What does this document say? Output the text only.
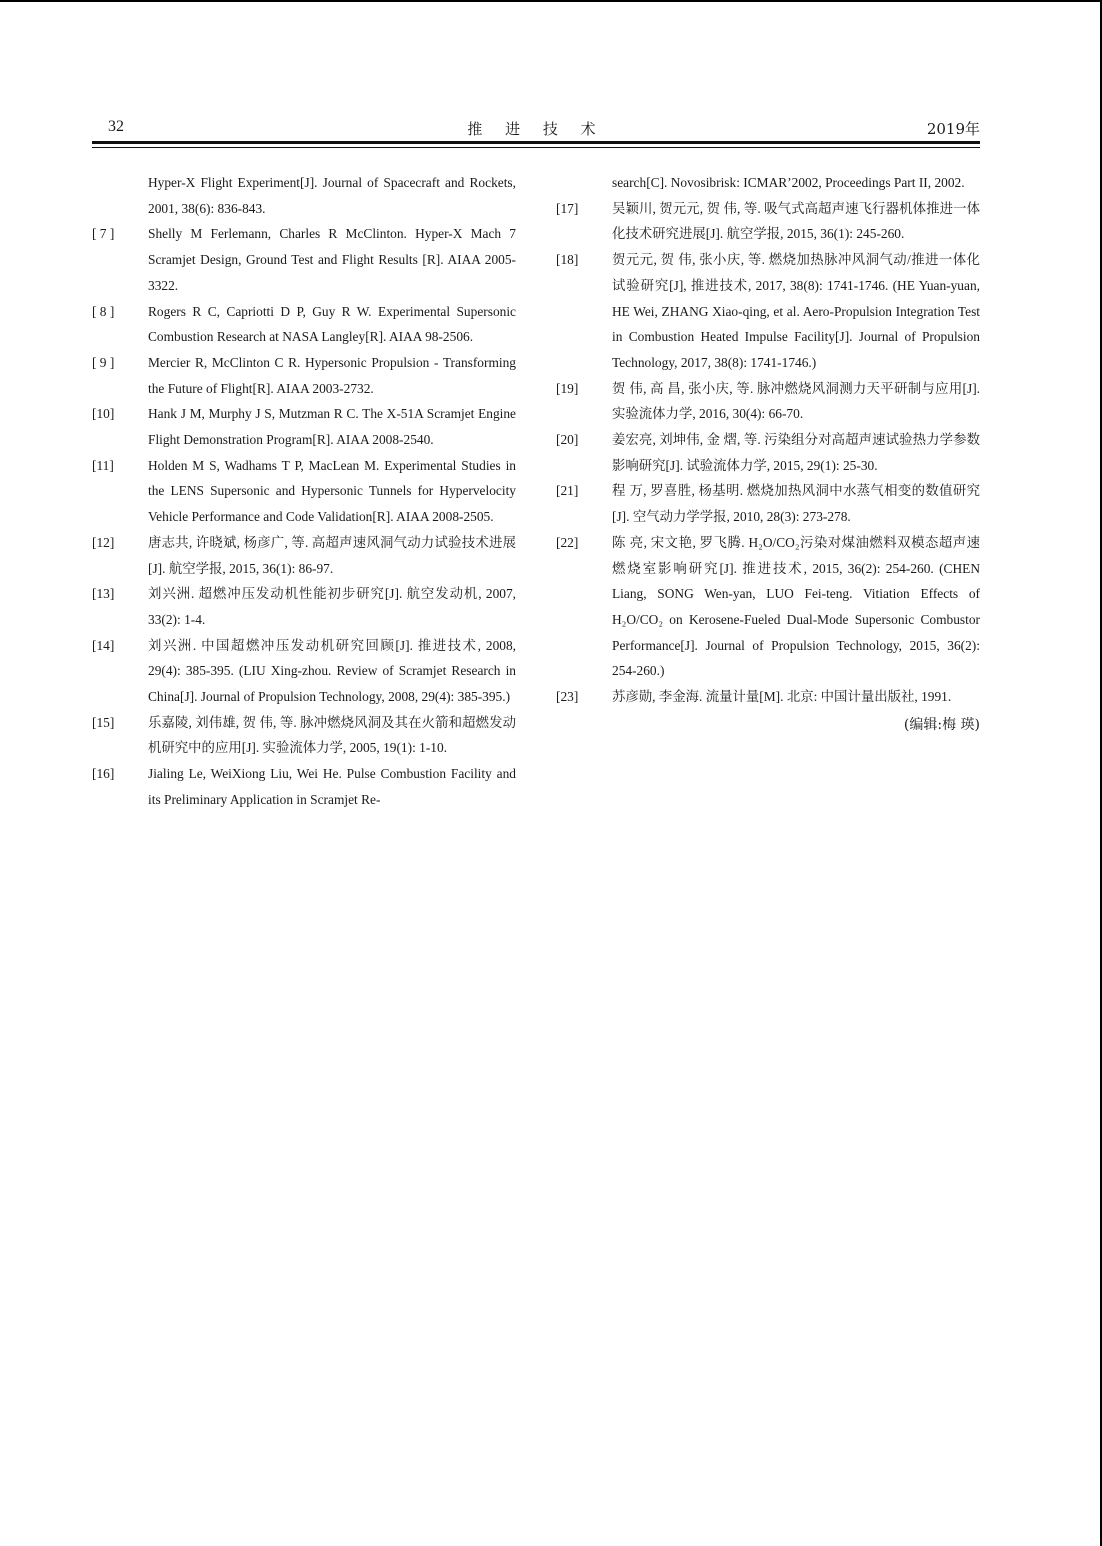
32	推 进 技 术	2019年
Hyper-X Flight Experiment[J]. Journal of Spacecraft and Rockets, 2001, 38(6): 836-843.
[ 7 ]	Shelly M Ferlemann, Charles R McClinton. Hyper-X Mach 7 Scramjet Design, Ground Test and Flight Results [R]. AIAA 2005-3322.
[ 8 ]	Rogers R C, Capriotti D P, Guy R W. Experimental Supersonic Combustion Research at NASA Langley[R]. AIAA 98-2506.
[ 9 ]	Mercier R, McClinton C R. Hypersonic Propulsion - Transforming the Future of Flight[R]. AIAA 2003-2732.
[10]	Hank J M, Murphy J S, Mutzman R C. The X-51A Scramjet Engine Flight Demonstration Program[R]. AIAA 2008-2540.
[11]	Holden M S, Wadhams T P, MacLean M. Experimental Studies in the LENS Supersonic and Hypersonic Tunnels for Hypervelocity Vehicle Performance and Code Validation[R]. AIAA 2008-2505.
[12]	唐志共, 许晓斌, 杨彦广, 等. 高超声速风洞气动力试验技术进展[J]. 航空学报, 2015, 36(1): 86-97.
[13]	刘兴洲. 超燃冲压发动机性能初步研究[J]. 航空发动机, 2007, 33(2): 1-4.
[14]	刘兴洲. 中国超燃冲压发动机研究回顾[J]. 推进技术, 2008, 29(4): 385-395. (LIU Xing-zhou. Review of Scramjet Research in China[J]. Journal of Propulsion Technology, 2008, 29(4): 385-395.)
[15]	乐嘉陵, 刘伟雄, 贺 伟, 等. 脉冲燃烧风洞及其在火箭和超燃发动机研究中的应用[J]. 实验流体力学, 2005, 19(1): 1-10.
[16]	Jialing Le, WeiXiong Liu, Wei He. Pulse Combustion Facility and its Preliminary Application in Scramjet Re-
search[C]. Novosibrisk: ICMAR’2002, Proceedings Part II, 2002.
[17]	吴颖川, 贺元元, 贺 伟, 等. 吸气式高超声速飞行器机体推进一体化技术研究进展[J]. 航空学报, 2015, 36(1): 245-260.
[18]	贺元元, 贺 伟, 张小庆, 等. 燃烧加热脉冲风洞气动/推进一体化试验研究[J], 推进技术, 2017, 38(8): 1741-1746. (HE Yuan-yuan, HE Wei, ZHANG Xiao-qing, et al. Aero-Propulsion Integration Test in Combustion Heated Impulse Facility[J]. Journal of Propulsion Technology, 2017, 38(8): 1741-1746.)
[19]	贺 伟, 高 昌, 张小庆, 等. 脉冲燃烧风洞测力天平研制与应用[J]. 实验流体力学, 2016, 30(4): 66-70.
[20]	姜宏亮, 刘坤伟, 金 熠, 等. 污染组分对高超声速试验热力学参数影响研究[J]. 试验流体力学, 2015, 29(1): 25-30.
[21]	程 万, 罗喜胜, 杨基明. 燃烧加热风洞中水蒸气相变的数值研究[J]. 空气动力学学报, 2010, 28(3): 273-278.
[22]	陈 亮, 宋文艳, 罗飞腾. H₂O/CO₂污染对煤油燃料双模态超声速燃烧室影响研究[J]. 推进技术, 2015, 36(2): 254-260. (CHEN Liang, SONG Wen-yan, LUO Fei-teng. Vitiation Effects of H₂O/CO₂ on Kerosene-Fueled Dual-Mode Supersonic Combustor Performance[J]. Journal of Propulsion Technology, 2015, 36(2): 254-260.)
[23]	苏彦勋, 李金海. 流量计量[M]. 北京: 中国计量出版社, 1991.
(编辑:梅 瑛)
